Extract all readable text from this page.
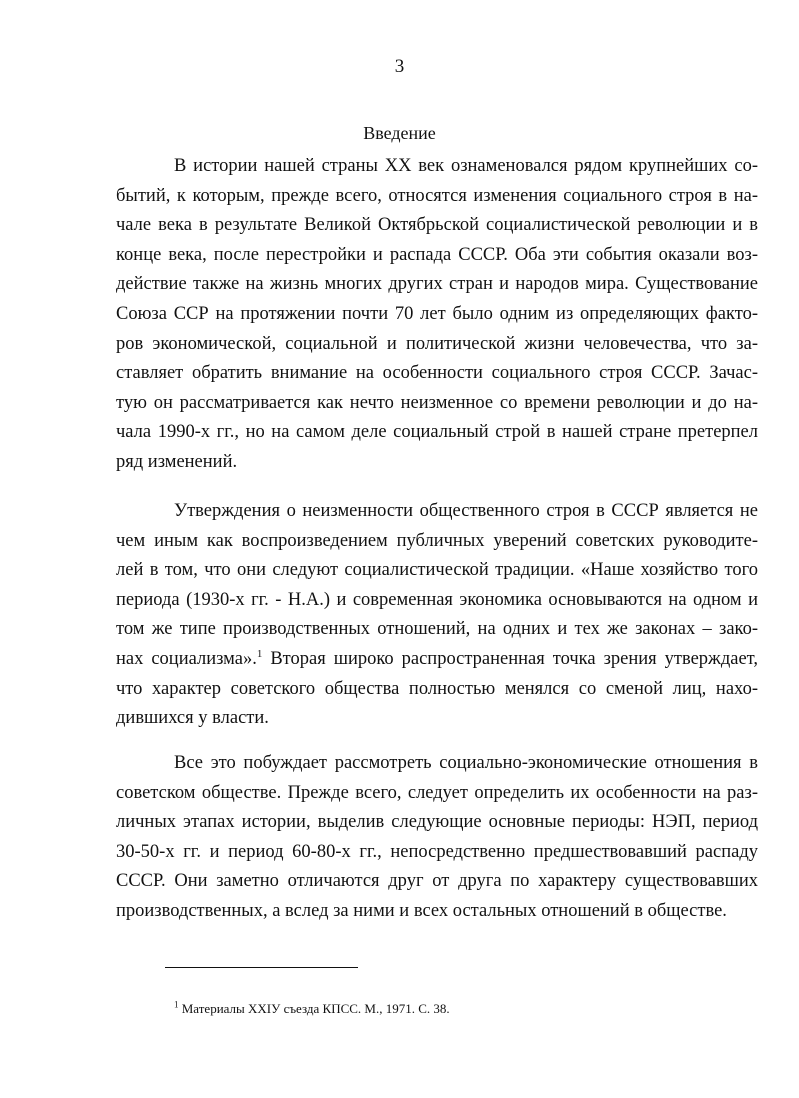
3

Введение

В истории нашей страны XX век ознаменовался рядом крупнейших со-
бытий, к которым, прежде всего, относятся изменения социального строя в на-
чале века в результате Великой Октябрьской социалистической революции и в
конце века, после перестройки и распада СССР. Оба эти события оказали воз-
действие также на жизнь многих других стран и народов мира. Существование
Союза ССР на протяжении почти 70 лет было одним из определяющих факто-
ров экономической, социальной и политической жизни человечества, что за-
ставляет обратить внимание на особенности социального строя СССР. Зачас-
тую он рассматривается как нечто неизменное со времени революции и до на-
чала 1990-х гг., но на самом деле социальный строй в нашей стране претерпел
ряд изменений.

Утверждения о неизменности общественного строя в СССР является не
чем иным как воспроизведением публичных уверений советских руководите-
лей в том, что они следуют социалистической традиции. «Наше хозяйство того
периода (1930-х гг. - Н.А.) и современная экономика основываются на одном и
том же типе производственных отношений, на одних и тех же законах – зако-
нах социализма».$^1$ Вторая широко распространенная точка зрения утверждает,
что характер советского общества полностью менялся со сменой лиц, нахо-
дившихся у власти.

Все это побуждает рассмотреть социально-экономические отношения в
советском обществе. Прежде всего, следует определить их особенности на раз-
личных этапах истории, выделив следующие основные периоды: НЭП, период
30-50-х гг. и период 60-80-х гг., непосредственно предшествовавший распаду
СССР. Они заметно отличаются друг от друга по характеру существовавших
производственных, а вслед за ними и всех остальных отношений в обществе.

$^1$ Материалы XXIУ съезда КПСС. М., 1971. С. 38.
